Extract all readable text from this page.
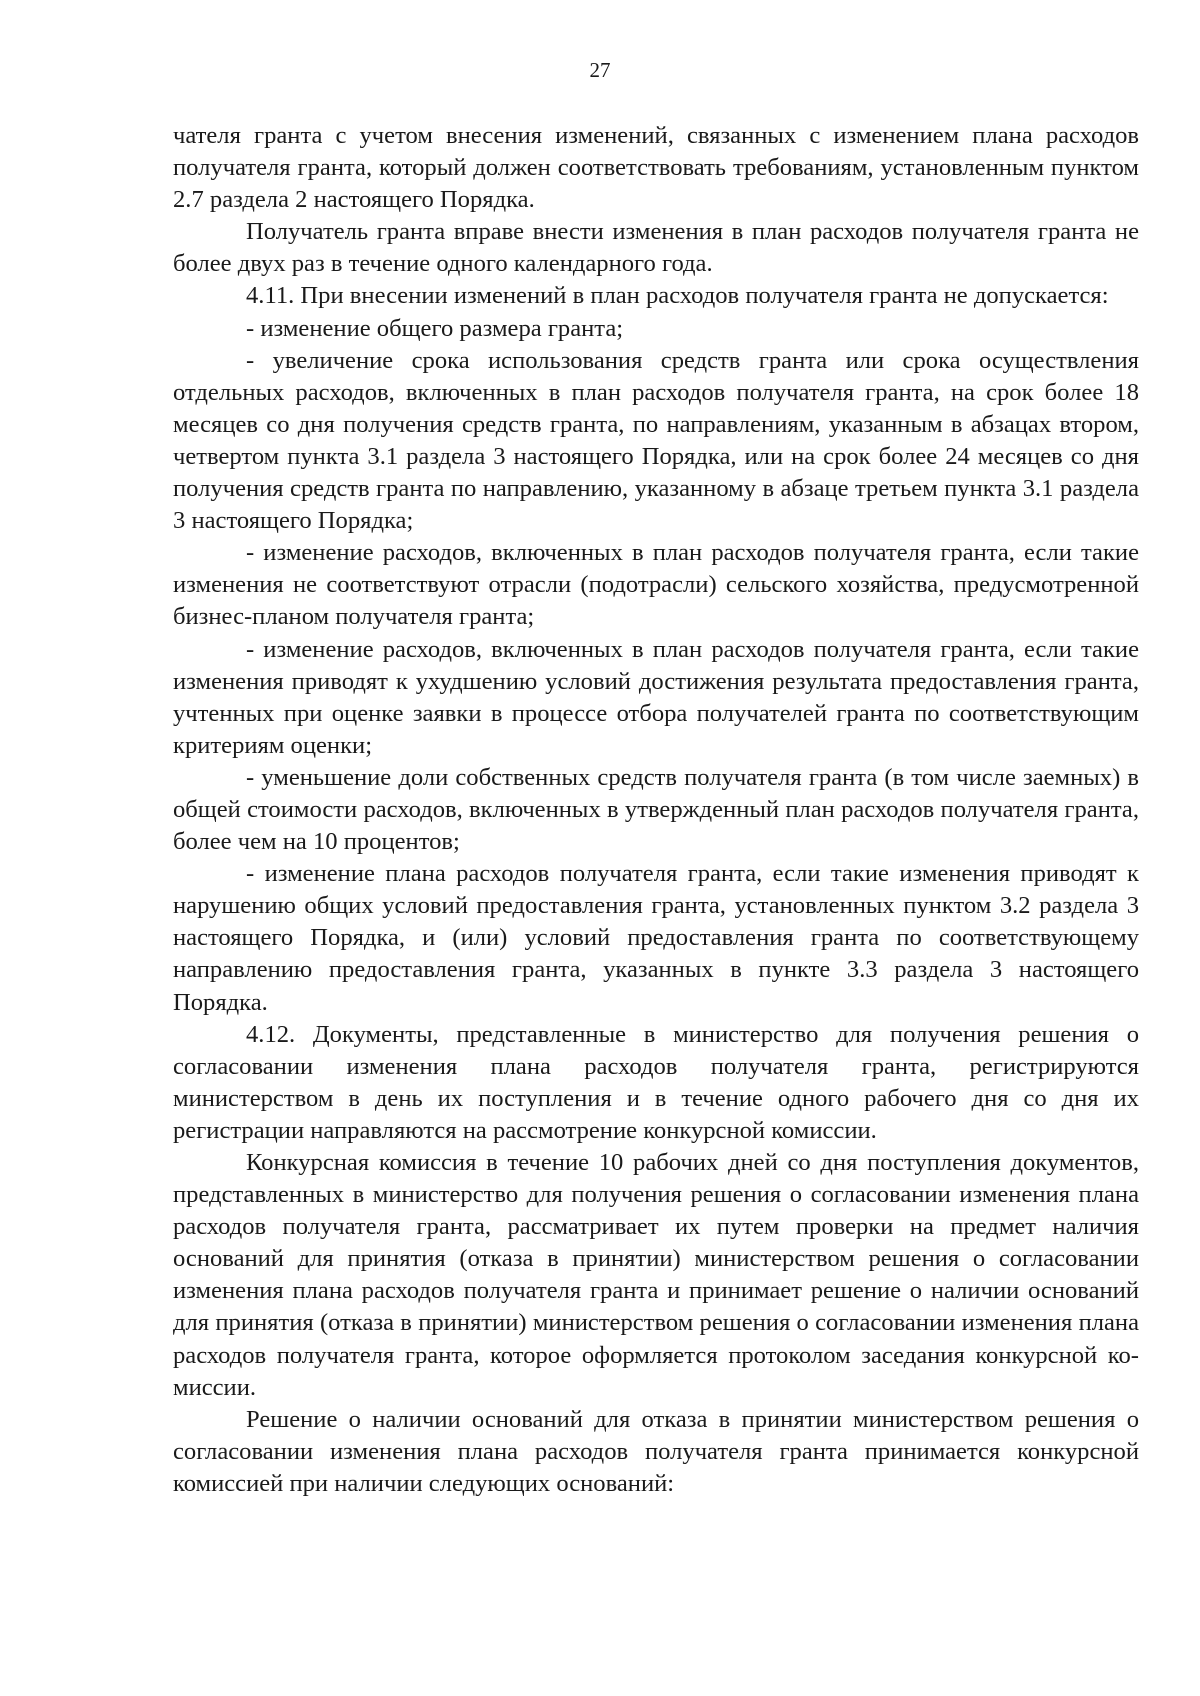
27

чателя гранта с учетом внесения изменений, связанных с изменением плана расходов получателя гранта, который должен соответствовать требованиям, установленным пунктом 2.7 раздела 2 настоящего Порядка.

Получатель гранта вправе внести изменения в план расходов получателя гранта не более двух раз в течение одного календарного года.

4.11. При внесении изменений в план расходов получателя гранта не допускается:

- изменение общего размера гранта;

- увеличение срока использования средств гранта или срока осуществления отдельных расходов, включенных в план расходов получателя гранта, на срок более 18 месяцев со дня получения средств гранта, по направлениям, указанным в абзацах втором, четвертом пункта 3.1 раздела 3 настоящего Порядка, или на срок более 24 месяцев со дня получения средств гранта по направлению, указанному в абзаце третьем пункта 3.1 раздела 3 настоящего Порядка;

- изменение расходов, включенных в план расходов получателя гранта, если такие изменения не соответствуют отрасли (подотрасли) сельского хозяйства, предусмотренной бизнес-планом получателя гранта;

- изменение расходов, включенных в план расходов получателя гранта, если такие изменения приводят к ухудшению условий достижения результата предоставления гранта, учтенных при оценке заявки в процессе отбора получателей гранта по соответствующим критериям оценки;

- уменьшение доли собственных средств получателя гранта (в том числе заемных) в общей стоимости расходов, включенных в утвержденный план расходов получателя гранта, более чем на 10 процентов;

- изменение плана расходов получателя гранта, если такие изменения приводят к нарушению общих условий предоставления гранта, установленных пунктом 3.2 раздела 3 настоящего Порядка, и (или) условий предоставления гранта по соответствующему направлению предоставления гранта, указанных в пункте 3.3 раздела 3 настоящего Порядка.

4.12. Документы, представленные в министерство для получения решения о согласовании изменения плана расходов получателя гранта, регистрируются министерством в день их поступления и в течение одного рабочего дня со дня их регистрации направляются на рассмотрение конкурсной комиссии.

Конкурсная комиссия в течение 10 рабочих дней со дня поступления документов, представленных в министерство для получения решения о согласовании изменения плана расходов получателя гранта, рассматривает их путем проверки на предмет наличия оснований для принятия (отказа в принятии) министерством решения о согласовании изменения плана расходов получателя гранта и принимает решение о наличии оснований для принятия (отказа в принятии) министерством решения о согласовании изменения плана расходов получателя гранта, которое оформляется протоколом заседания конкурсной комиссии.

Решение о наличии оснований для отказа в принятии министерством решения о согласовании изменения плана расходов получателя гранта принимается конкурсной комиссией при наличии следующих оснований:
